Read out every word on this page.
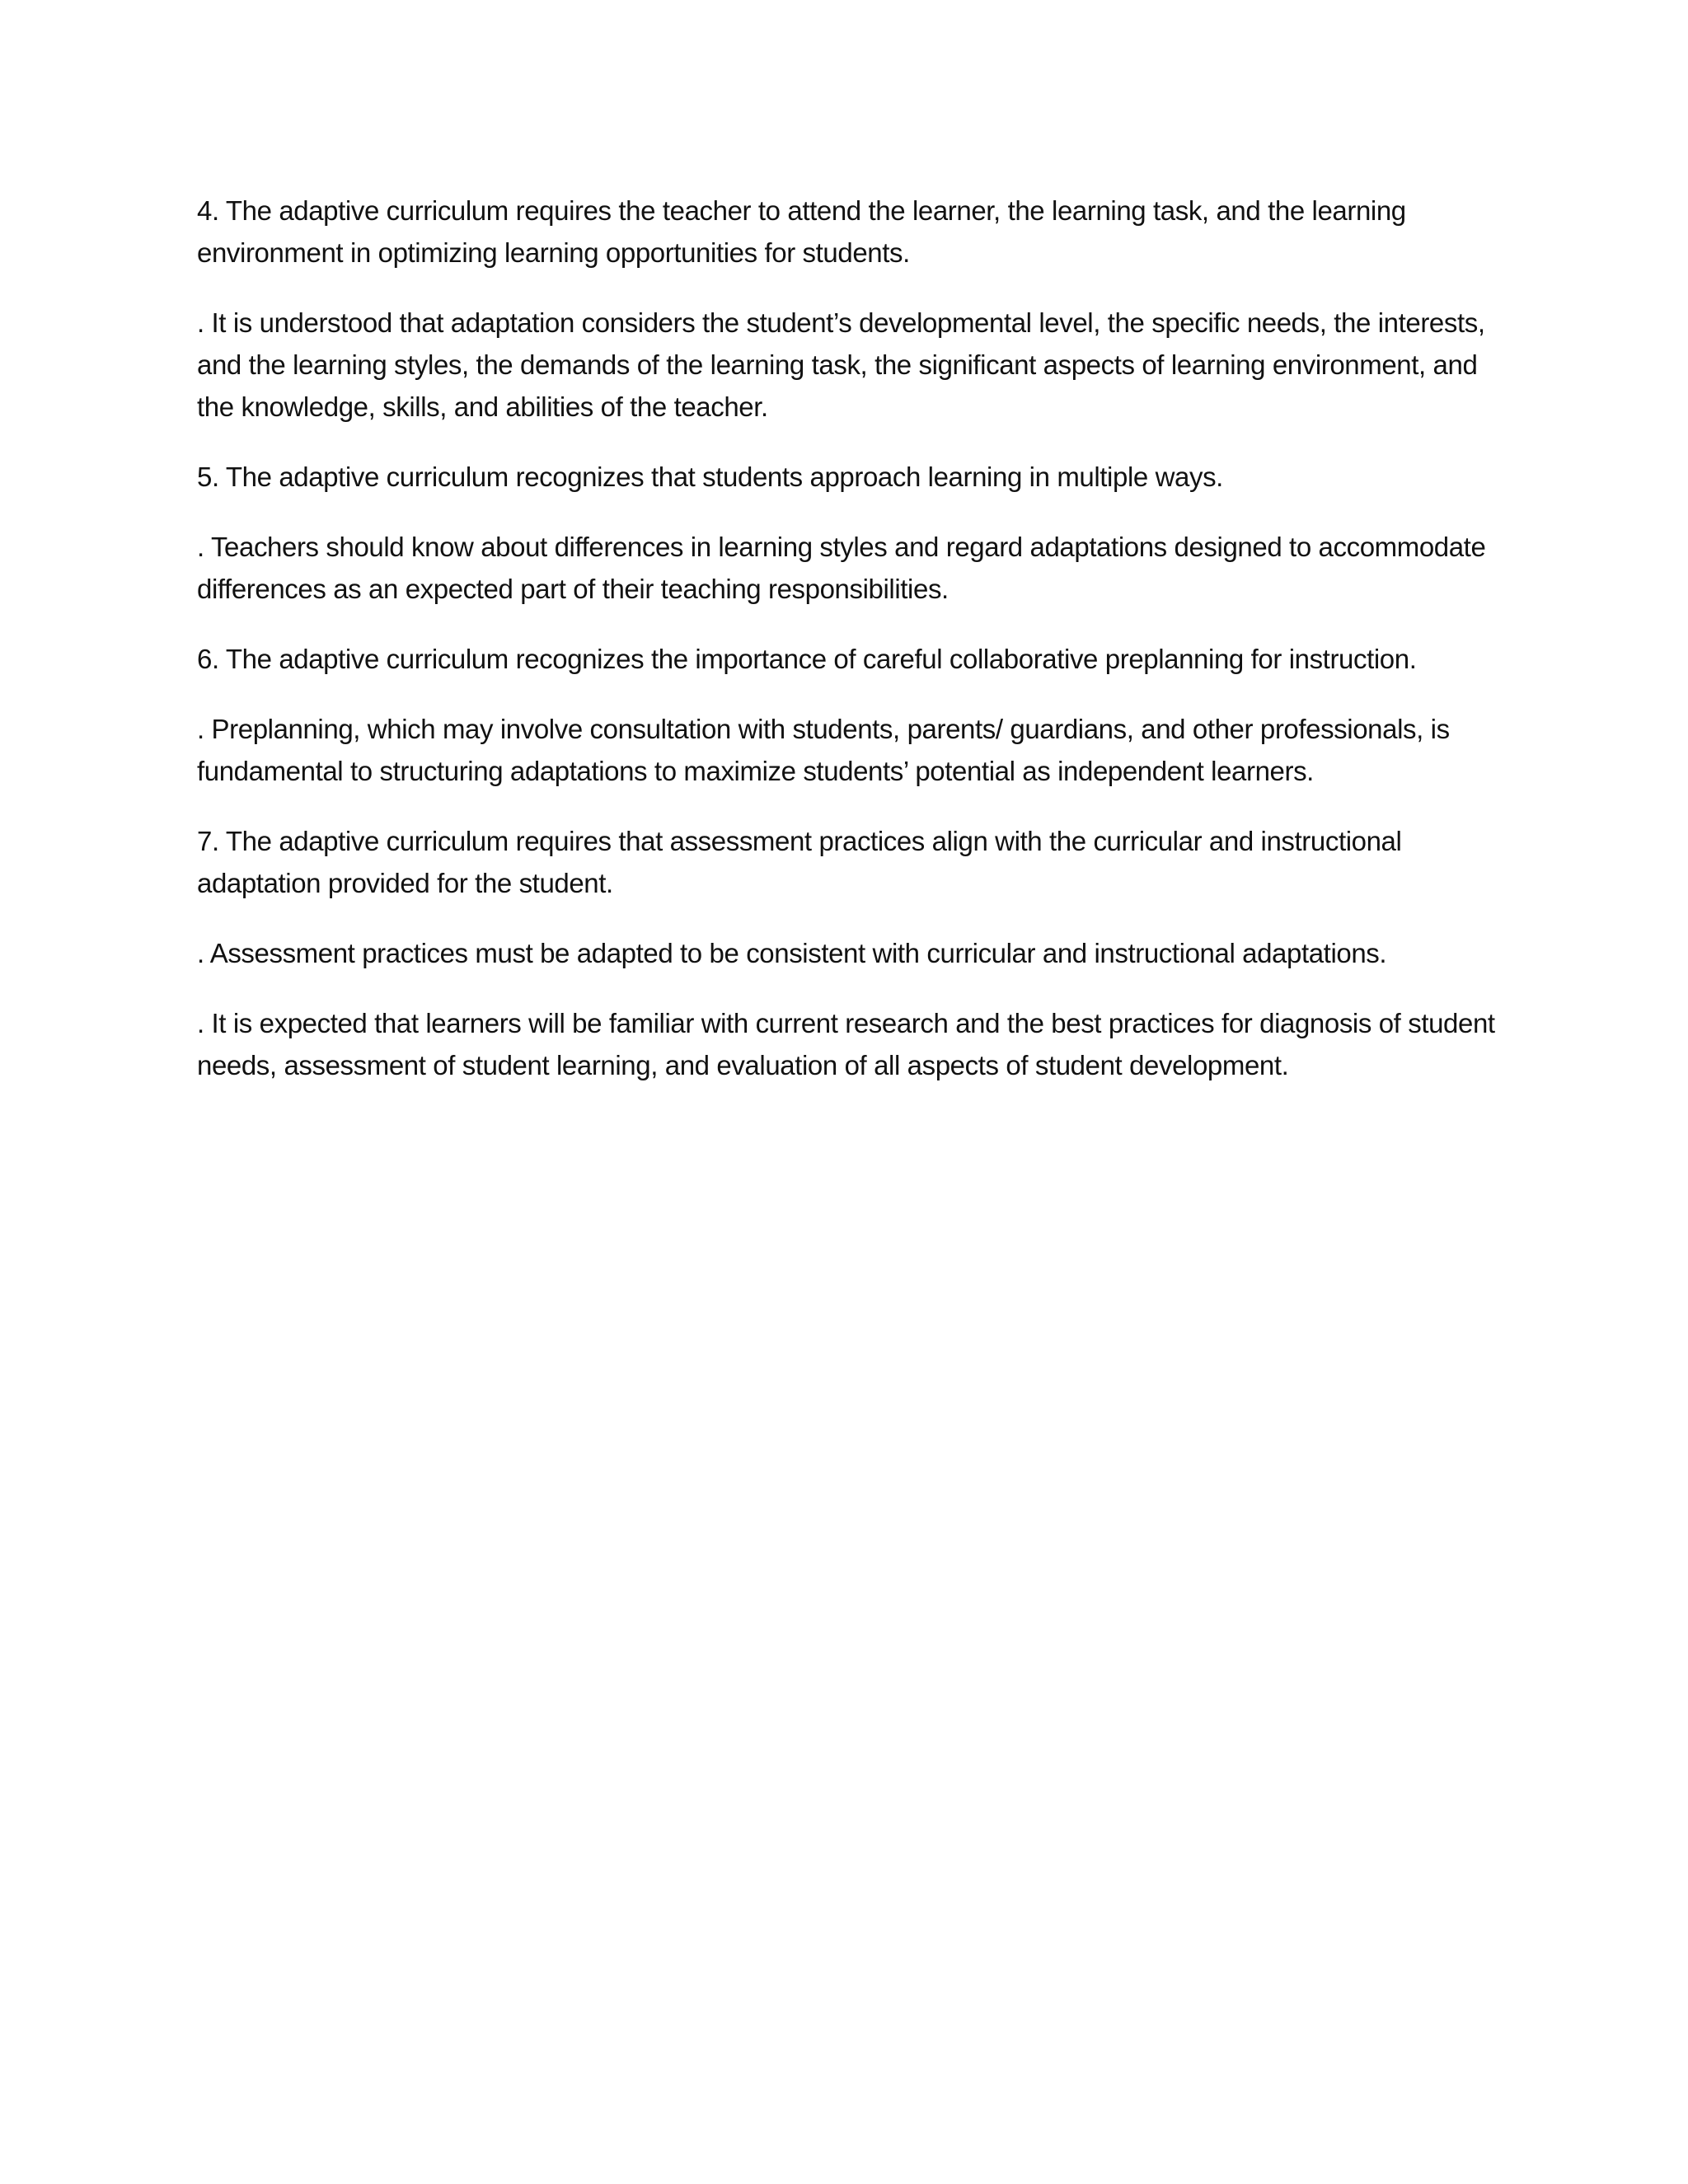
4. The adaptive curriculum requires the teacher to attend the learner, the learning task, and the learning environment in optimizing learning opportunities for students.

. It is understood that adaptation considers the student’s developmental level, the specific needs, the interests, and the learning styles, the demands of the learning task, the significant aspects of learning environment, and the knowledge, skills, and abilities of the teacher.

5. The adaptive curriculum recognizes that students approach learning in multiple ways.

. Teachers should know about differences in learning styles and regard adaptations designed to accommodate differences as an expected part of their teaching responsibilities.

6. The adaptive curriculum recognizes the importance of careful collaborative preplanning for instruction.

. Preplanning, which may involve consultation with students, parents/ guardians, and other professionals, is fundamental to structuring adaptations to maximize students’ potential as independent learners.

7. The adaptive curriculum requires that assessment practices align with the curricular and instructional adaptation provided for the student.

. Assessment practices must be adapted to be consistent with curricular and instructional adaptations.

. It is expected that learners will be familiar with current research and the best practices for diagnosis of student needs, assessment of student learning, and evaluation of all aspects of student development.
